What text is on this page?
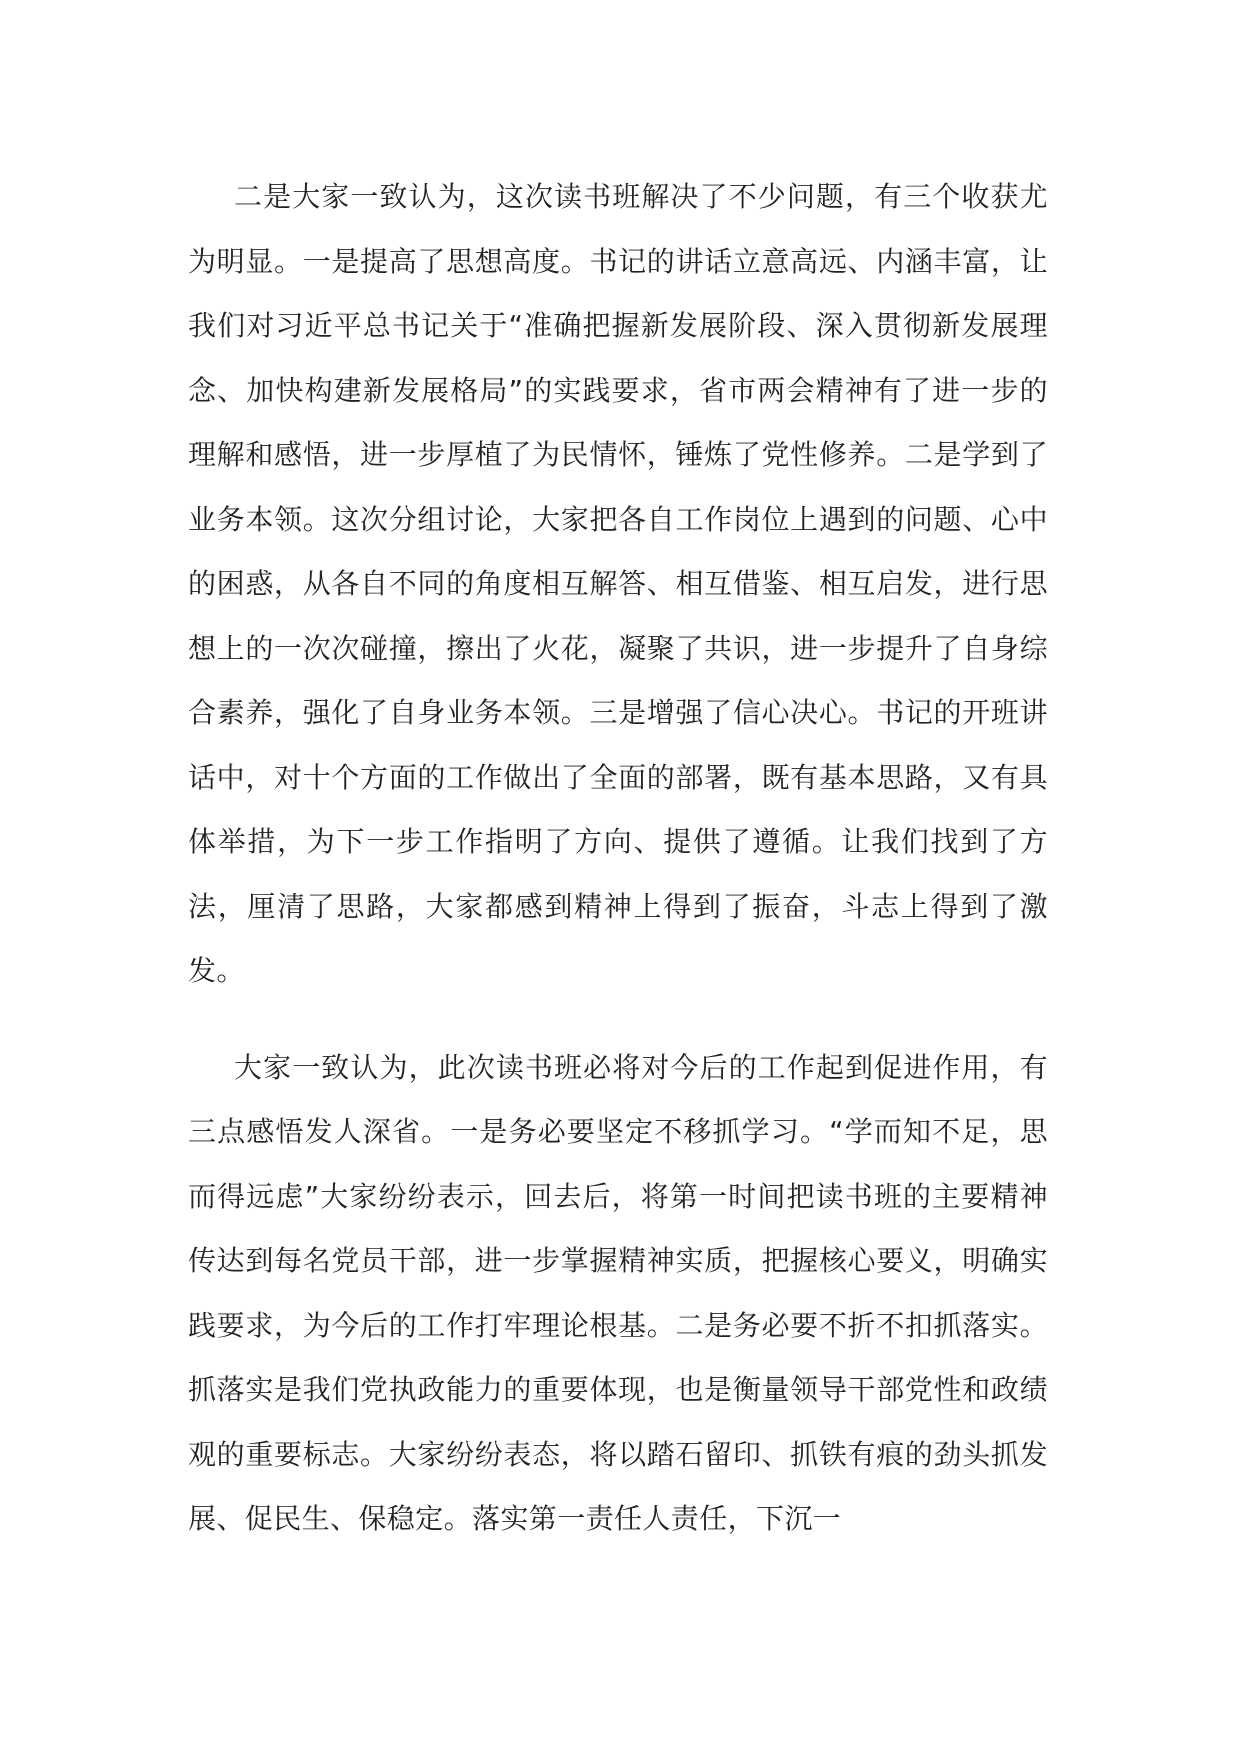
二是大家一致认为，这次读书班解决了不少问题，有三个收获尤为明显。一是提高了思想高度。书记的讲话立意高远、内涵丰富，让我们对习近平总书记关于“准确把握新发展阶段、深入贯彻新发展理念、加快构建新发展格局”的实践要求，省市两会精神有了进一步的理解和感悟，进一步厚植了为民情怀，锤炼了党性修养。二是学到了业务本领。这次分组讨论，大家把各自工作岗位上遇到的问题、心中的困惑，从各自不同的角度相互解答、相互借鉴、相互启发，进行思想上的一次次碰撞，擦出了火花，凝聚了共识，进一步提升了自身综合素养，强化了自身业务本领。三是增强了信心决心。书记的开班讲话中，对十个方面的工作做出了全面的部署，既有基本思路，又有具体举措，为下一步工作指明了方向、提供了遵循。让我们找到了方法，厘清了思路，大家都感到精神上得到了振奋，斗志上得到了激发。

大家一致认为，此次读书班必将对今后的工作起到促进作用，有三点感悟发人深省。一是务必要坚定不移抓学习。“学而知不足，思而得远虑”大家纷纷表示，回去后，将第一时间把读书班的主要精神传达到每名党员干部，进一步掌握精神实质，把握核心要义，明确实践要求，为今后的工作打牢理论根基。二是务必要不折不扣抓落实。抓落实是我们党执政能力的重要体现，也是衡量领导干部党性和政绩观的重要标志。大家纷纷表态，将以踏石留印、抓铁有痕的劲头抓发展、促民生、保稳定。落实第一责任人责任，下沉一
